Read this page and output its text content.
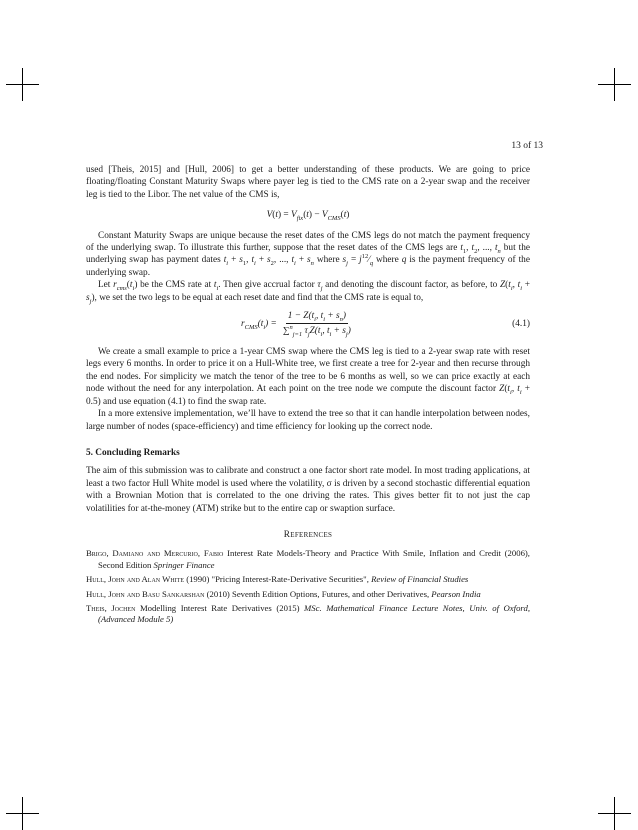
13 of 13

used [Theis, 2015] and [Hull, 2006] to get a better understanding of these products. We are going to price floating/floating Constant Maturity Swaps where payer leg is tied to the CMS rate on a 2-year swap and the receiver leg is tied to the Libor. The net value of the CMS is,

$V(t) = V_{fix}(t) - V_{CMS}(t)$

Constant Maturity Swaps are unique because the reset dates of the CMS legs do not match the payment frequency of the underlying swap. To illustrate this further, suppose that the reset dates of the CMS legs are $t_1$, $t_2$, ..., $t_n$ but the underlying swap has payment dates $t_i + s_1$, $t_i + s_2$, ..., $t_i + s_n$ where $s_j$ = $j^{12}⁄_q$ where q is the payment frequency of the underlying swap.

Let $r_{cms}(t_i)$ be the CMS rate at $t_i$. Then give accrual factor $\tau_j$ and denoting the discount factor, as before, to $Z(t_i$, $t_i + s_j$), we set the two legs to be equal at each reset date and find that the CMS rate is equal to,

$r_{CMS}(t_i) = \frac{1 - Z(t_i, t_i + s_n)}{\sum^n_{j=1} \tau_jZ(t_i, t_i + s_j)}$	(4.1)

We create a small example to price a 1-year CMS swap where the CMS leg is tied to a 2-year swap rate with reset legs every 6 months. In order to price it on a Hull-White tree, we first create a tree for 2-year and then recurse through the end nodes. For simplicity we match the tenor of the tree to be 6 months as well, so we can price exactly at each node without the need for any interpolation. At each point on the tree node we compute the discount factor $Z(t_i$, $t_i + 0.5$) and use equation (4.1) to find the swap rate.

In a more extensive implementation, we’ll have to extend the tree so that it can handle interpolation between nodes, large number of nodes (space-efficiency) and time efficiency for looking up the correct node.

5. Concluding Remarks

The aim of this submission was to calibrate and construct a one factor short rate model. In most trading applications, at least a two factor Hull White model is used where the volatility, σ is driven by a second stochastic differential equation with a Brownian Motion that is correlated to the one driving the rates. This gives better fit to not just the cap volatilities for at-the-money (ATM) strike but to the entire cap or swaption surface.

References
Brigo, Damiano and Mercurio, Fabio Interest Rate Models-Theory and Practice With Smile, Inflation and Credit (2006), Second Edition Springer Finance
Hull, John and Alan White (1990) "Pricing Interest-Rate-Derivative Securities", Review of Financial Studies
Hull, John and Basu Sankarshan (2010) Seventh Edition Options, Futures, and other Derivatives, Pearson India
Theis, Jochen Modelling Interest Rate Derivatives (2015) MSc. Mathematical Finance Lecture Notes, Univ. of Oxford, (Advanced Module 5)
